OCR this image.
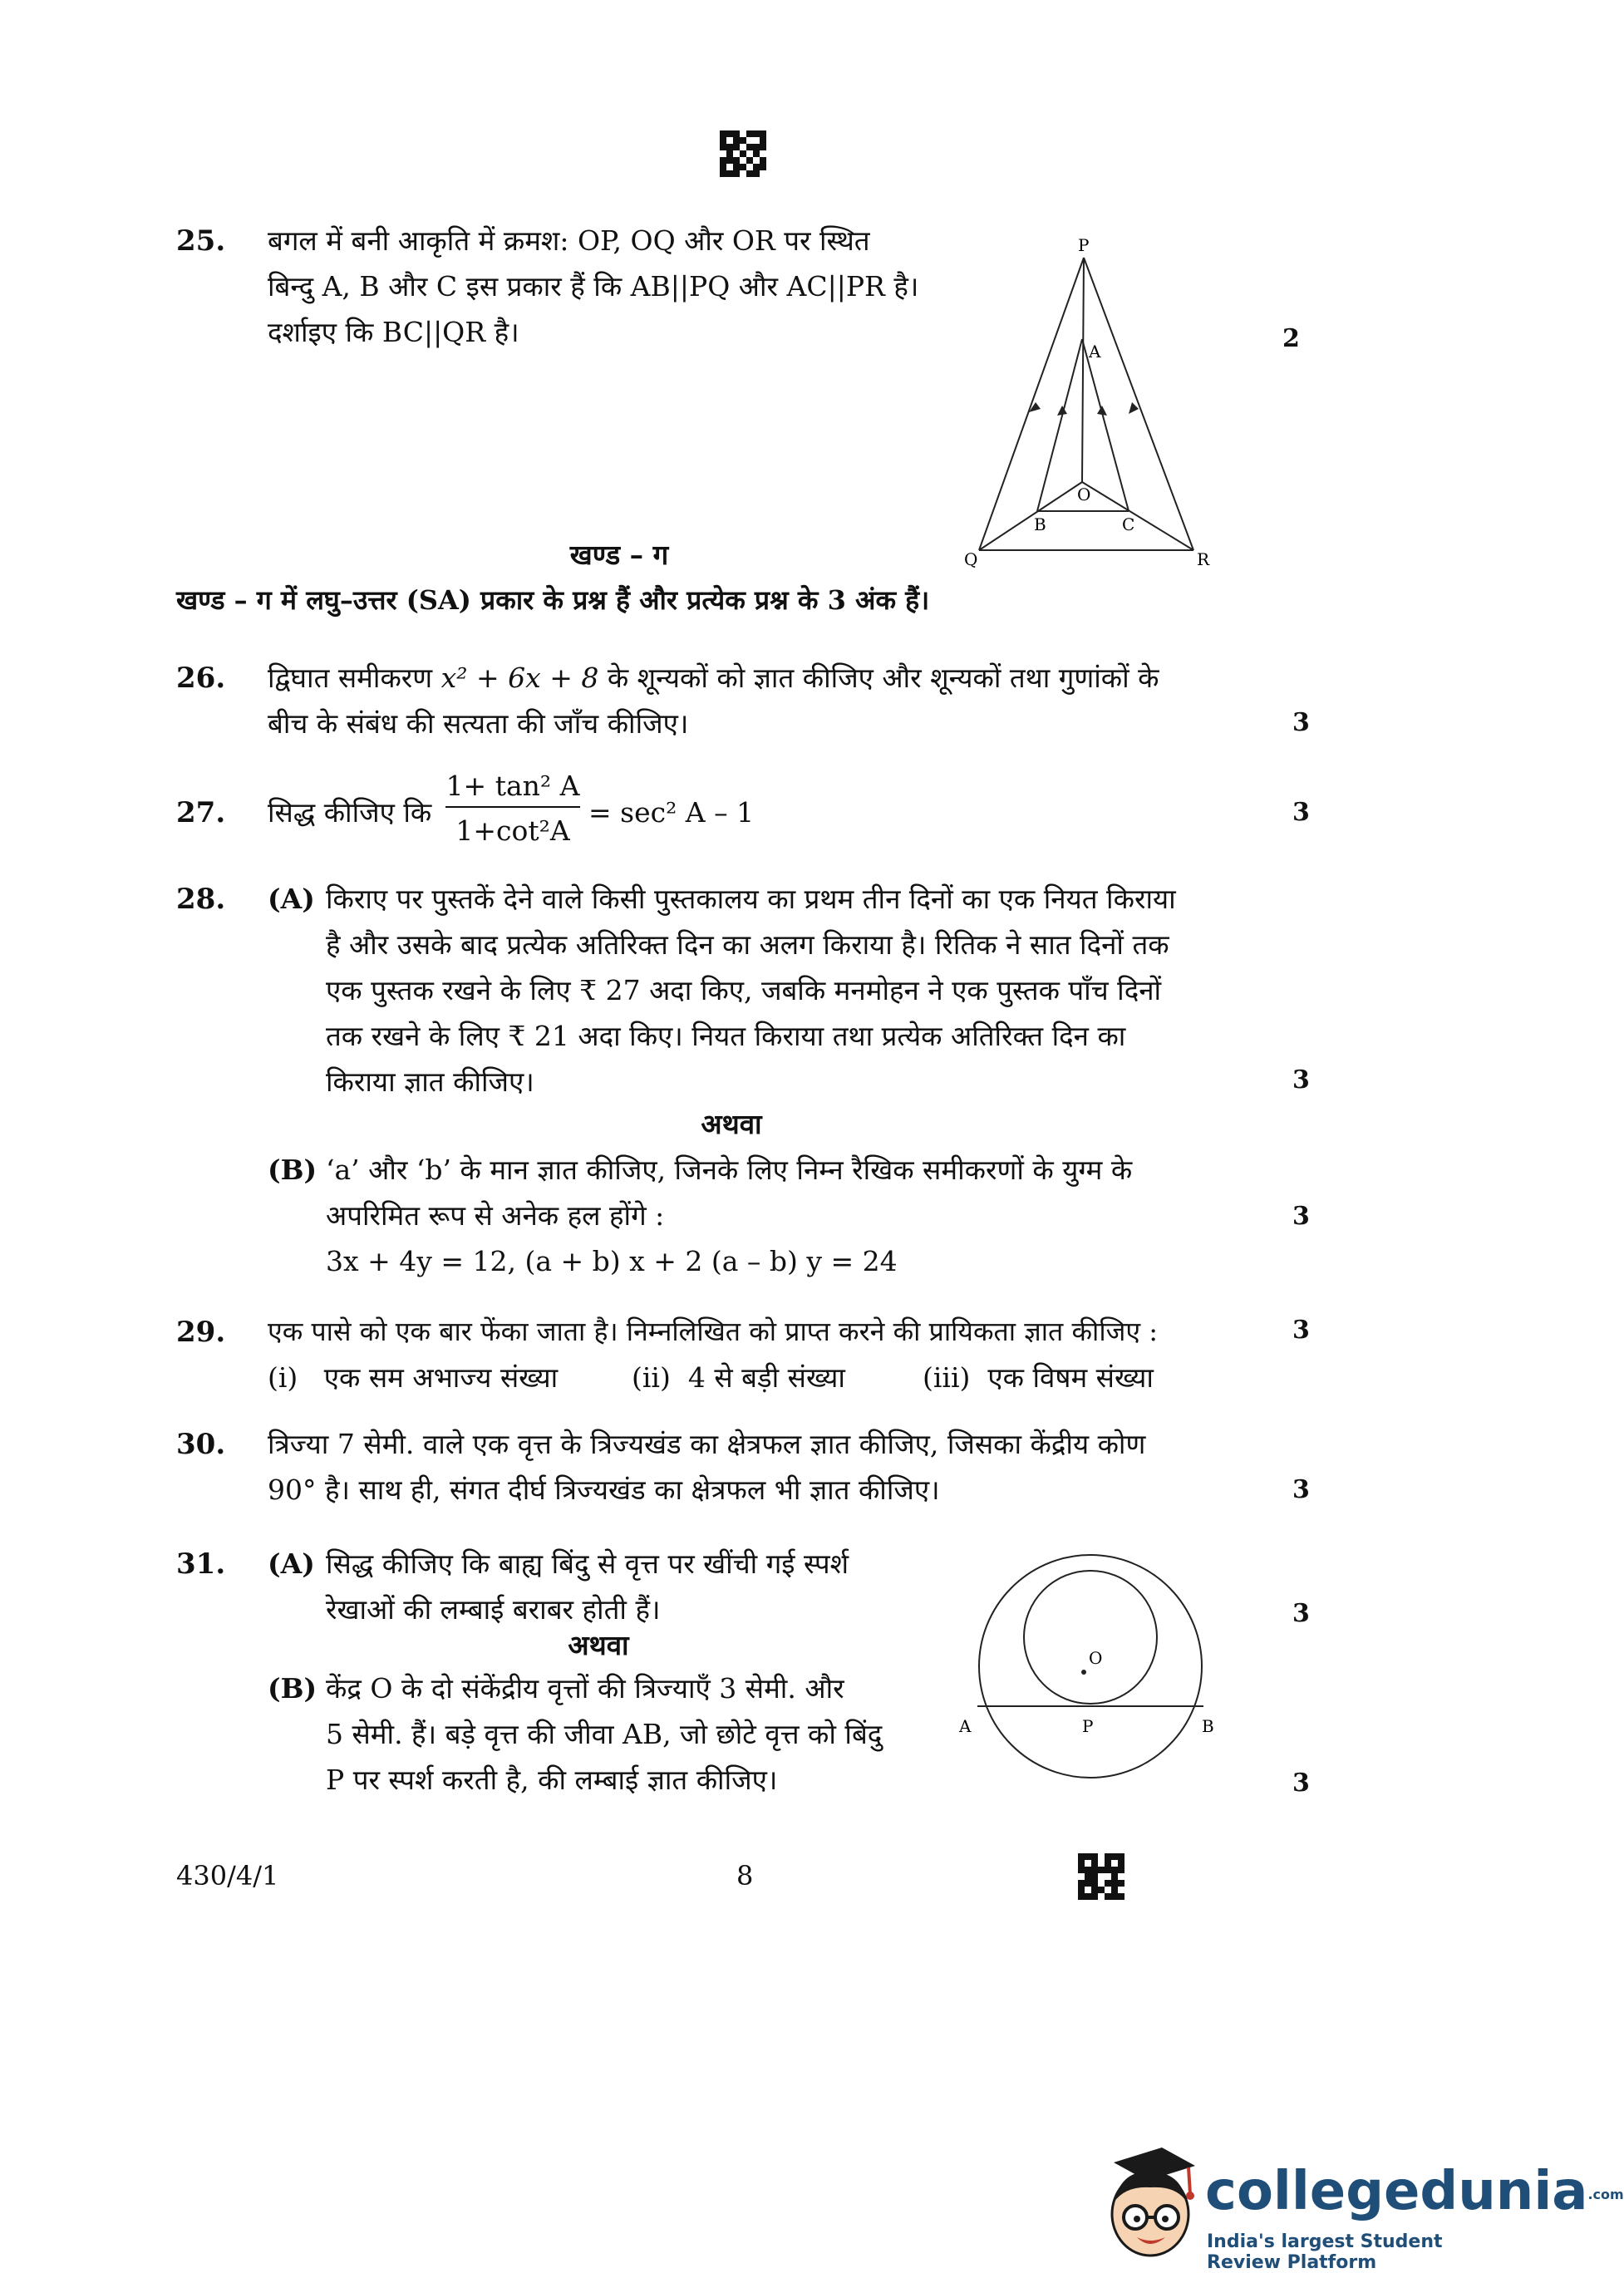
25. बगल में बनी आकृति में क्रमश: OP, OQ और OR पर स्थित
बिन्दु A, B और C इस प्रकार हैं कि AB||PQ और AC||PR है।
दर्शाइए कि BC||QR है।	2
P
A
O
B	C
Q	R
खण्ड – ग
खण्ड – ग में लघु–उत्तर (SA) प्रकार के प्रश्न हैं और प्रत्येक प्रश्न के 3 अंक हैं।
26. द्विघात समीकरण x² + 6x + 8 के शून्यकों को ज्ञात कीजिए और शून्यकों तथा गुणांकों के
बीच के संबंध की सत्यता की जाँच कीजिए।	3
27. सिद्ध कीजिए कि
1+ tan² A
1+cot²A
= sec² A – 1	3
28. (A) किराए पर पुस्तकें देने वाले किसी पुस्तकालय का प्रथम तीन दिनों का एक नियत किराया
है और उसके बाद प्रत्येक अतिरिक्त दिन का अलग किराया है। रितिक ने सात दिनों तक
एक पुस्तक रखने के लिए ₹ 27 अदा किए, जबकि मनमोहन ने एक पुस्तक पाँच दिनों
तक रखने के लिए ₹ 21 अदा किए। नियत किराया तथा प्रत्येक अतिरिक्त दिन का
किराया ज्ञात कीजिए।	3
अथवा
(B) ‘a’ और ‘b’ के मान ज्ञात कीजिए, जिनके लिए निम्न रैखिक समीकरणों के युग्म के
अपरिमित रूप से अनेक हल होंगे :
3x + 4y = 12, (a + b) x + 2 (a – b) y = 24
3
29. एक पासे को एक बार फेंका जाता है। निम्नलिखित को प्राप्त करने की प्रायिकता ज्ञात कीजिए :	3
(i)   एक सम अभाज्य संख्या	(ii)  4 से बड़ी संख्या	(iii)  एक विषम संख्या
30. त्रिज्या 7 सेमी. वाले एक वृत्त के त्रिज्यखंड का क्षेत्रफल ज्ञात कीजिए, जिसका केंद्रीय कोण
90° है। साथ ही, संगत दीर्घ त्रिज्यखंड का क्षेत्रफल भी ज्ञात कीजिए।	3
31. (A) सिद्ध कीजिए कि बाह्य बिंदु से वृत्त पर खींची गई स्पर्श
रेखाओं की लम्बाई बराबर होती हैं।	3
अथवा
(B) केंद्र O के दो संकेंद्रीय वृत्तों की त्रिज्याएँ 3 सेमी. और
5 सेमी. हैं। बड़े वृत्त की जीवा AB, जो छोटे वृत्त को बिंदु
P पर स्पर्श करती है, की लम्बाई ज्ञात कीजिए।	3
O
A	P	B
430/4/1	8
collegedunia.com
India's largest Student Review Platform
